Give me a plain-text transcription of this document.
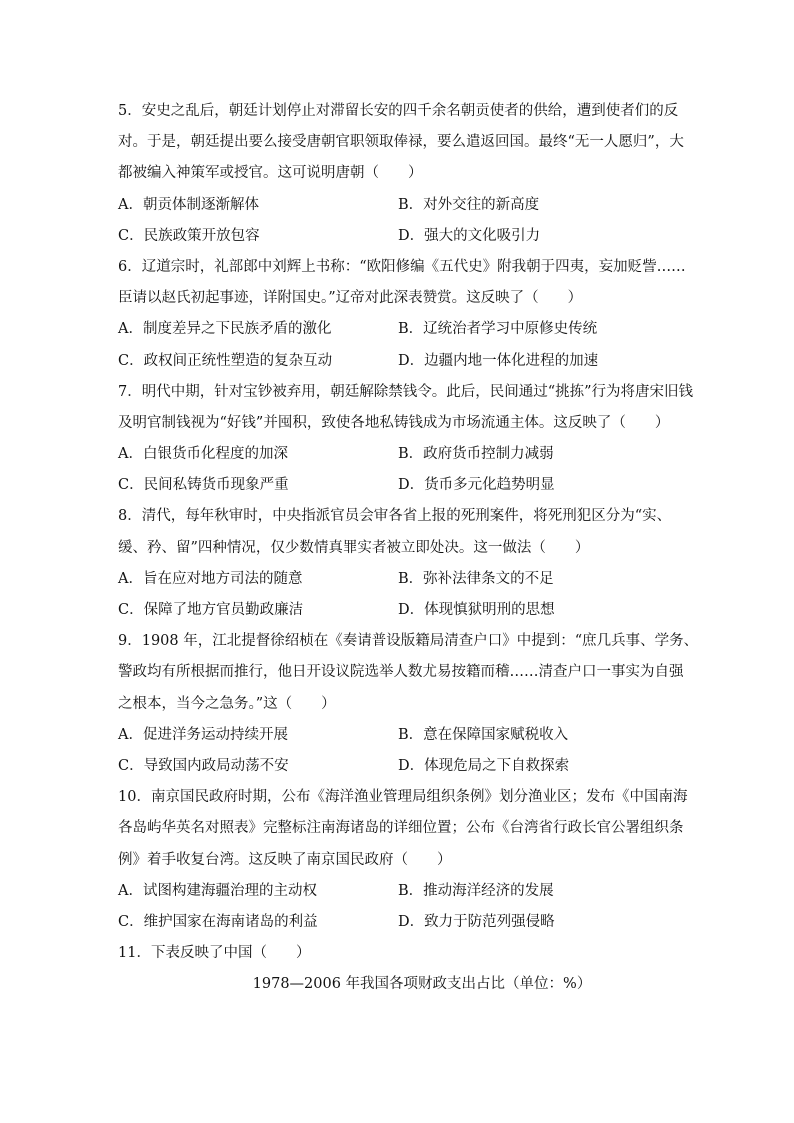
5．安史之乱后，朝廷计划停止对滞留长安的四千余名朝贡使者的供给，遭到使者们的反
对。于是，朝廷提出要么接受唐朝官职领取俸禄，要么遣返回国。最终“无一人愿归”，大
都被编入神策军或授官。这可说明唐朝（　　）
A．朝贡体制逐渐解体	B．对外交往的新高度
C．民族政策开放包容	D．强大的文化吸引力
6．辽道宗时，礼部郎中刘辉上书称：“欧阳修编《五代史》附我朝于四夷，妄加贬訾……
臣请以赵氏初起事迹，详附国史。”辽帝对此深表赞赏。这反映了（　　）
A．制度差异之下民族矛盾的激化	B．辽统治者学习中原修史传统
C．政权间正统性塑造的复杂互动	D．边疆内地一体化进程的加速
7．明代中期，针对宝钞被弃用，朝廷解除禁钱令。此后，民间通过“挑拣”行为将唐宋旧钱
及明官制钱视为“好钱”并囤积，致使各地私铸钱成为市场流通主体。这反映了（　　）
A．白银货币化程度的加深	B．政府货币控制力减弱
C．民间私铸货币现象严重	D．货币多元化趋势明显
8．清代，每年秋审时，中央指派官员会审各省上报的死刑案件，将死刑犯区分为“实、
缓、矜、留”四种情况，仅少数情真罪实者被立即处决。这一做法（　　）
A．旨在应对地方司法的随意	B．弥补法律条文的不足
C．保障了地方官员勤政廉洁	D．体现慎狱明刑的思想
9．1908 年，江北提督徐绍桢在《奏请普设版籍局清查户口》中提到：“庶几兵事、学务、
警政均有所根据而推行，他日开设议院选举人数尤易按籍而稽……清查户口一事实为自强
之根本，当今之急务。”这（　　）
A．促进洋务运动持续开展	B．意在保障国家赋税收入
C．导致国内政局动荡不安	D．体现危局之下自救探索
10．南京国民政府时期，公布《海洋渔业管理局组织条例》划分渔业区；发布《中国南海
各岛屿华英名对照表》完整标注南海诸岛的详细位置；公布《台湾省行政长官公署组织条
例》着手收复台湾。这反映了南京国民政府（　　）
A．试图构建海疆治理的主动权	B．推动海洋经济的发展
C．维护国家在海南诸岛的利益	D．致力于防范列强侵略
11．下表反映了中国（　　）
1978—2006 年我国各项财政支出占比（单位：%）
